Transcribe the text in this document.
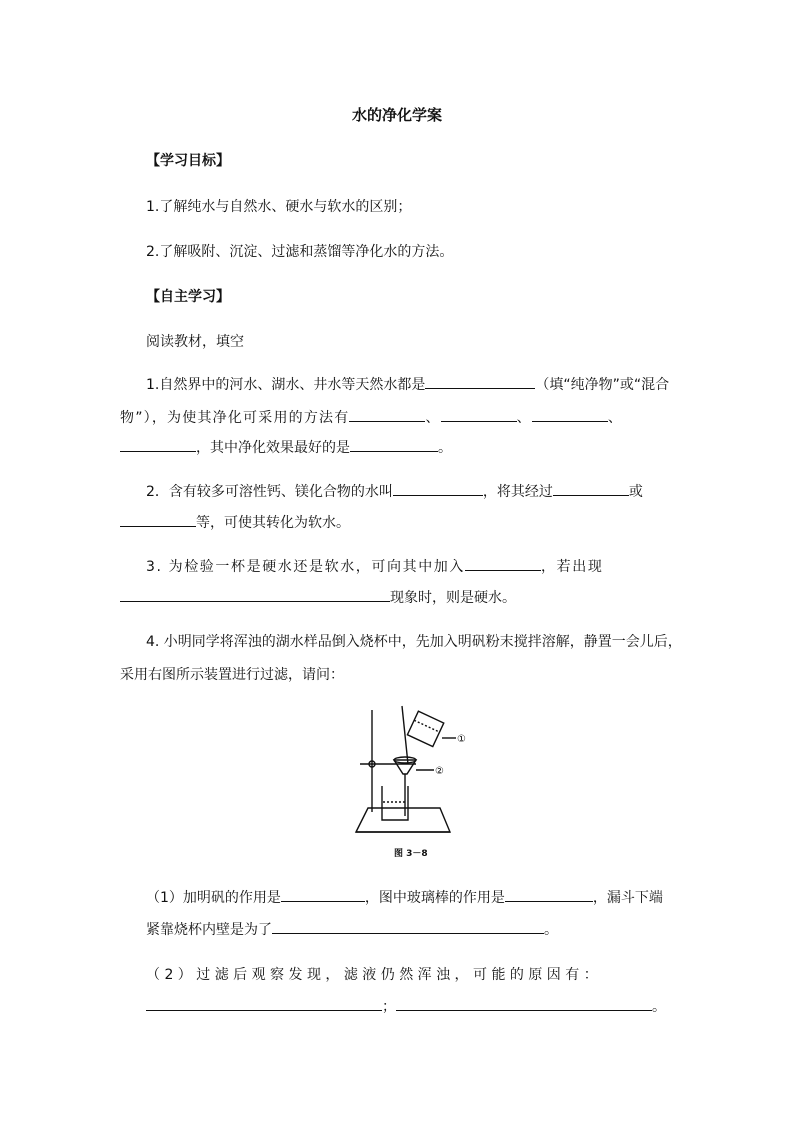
水的净化学案
【学习目标】
1.了解纯水与自然水、硬水与软水的区别；
2.了解吸附、沉淀、过滤和蒸馏等净化水的方法。
【自主学习】
阅读教材，填空
1.自然界中的河水、湖水、井水等天然水都是	（填“纯净物”或“混合
物”），为使其净化可采用的方法有	、	、	、
，其中净化效果最好的是	。
2．含有较多可溶性钙、镁化合物的水叫	，将其经过	或
等，可使其转化为软水。
3. 为检验一杯是硬水还是软水，可向其中加入	，若出现
现象时，则是硬水。
4. 小明同学将浑浊的湖水样品倒入烧杯中，先加入明矾粉末搅拌溶解，静置一会儿后，
采用右图所示装置进行过滤，请问：
①
②
图 3－8
（1）加明矾的作用是	，图中玻璃棒的作用是	，漏斗下端
紧靠烧杯内壁是为了	。
（ 2 ） 过 滤 后 观 察 发 现 ， 滤 液 仍 然 浑 浊 ， 可 能 的 原 因 有 ：
；	。
